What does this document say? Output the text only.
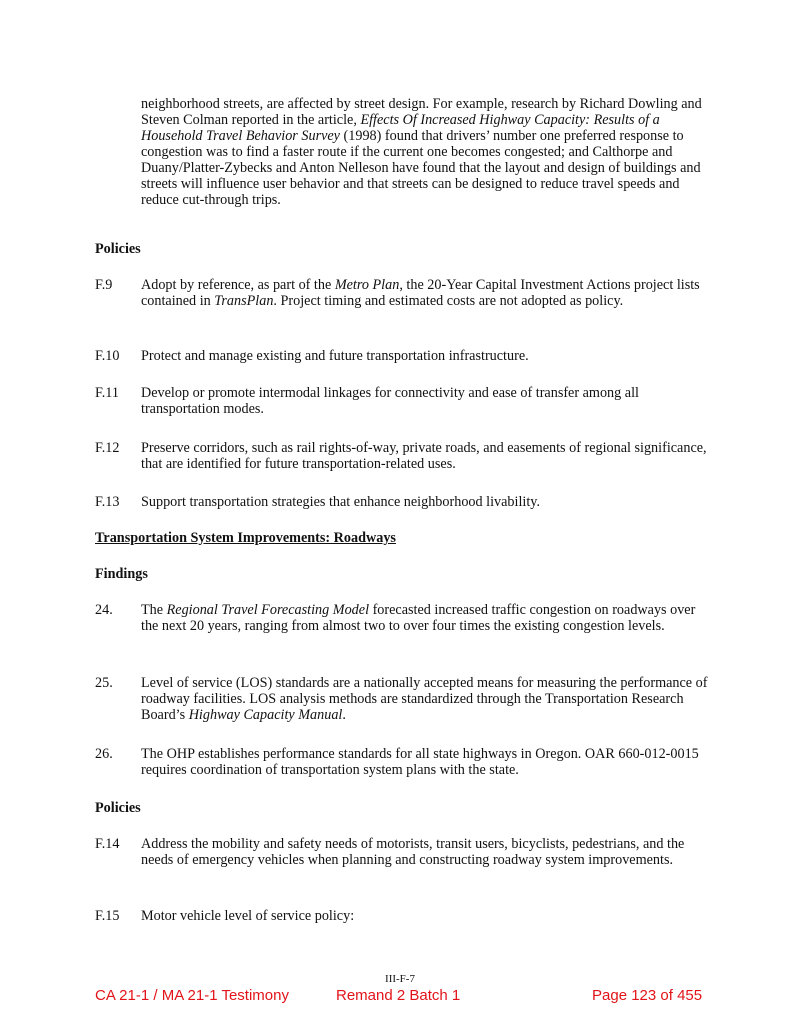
neighborhood streets, are affected by street design. For example, research by Richard Dowling and Steven Colman reported in the article, Effects Of Increased Highway Capacity: Results of a Household Travel Behavior Survey (1998) found that drivers’ number one preferred response to congestion was to find a faster route if the current one becomes congested; and Calthorpe and Duany/Platter-Zybecks and Anton Nelleson have found that the layout and design of buildings and streets will influence user behavior and that streets can be designed to reduce travel speeds and reduce cut-through trips.
Policies
F.9	Adopt by reference, as part of the Metro Plan, the 20-Year Capital Investment Actions project lists contained in TransPlan. Project timing and estimated costs are not adopted as policy.
F.10	Protect and manage existing and future transportation infrastructure.
F.11	Develop or promote intermodal linkages for connectivity and ease of transfer among all transportation modes.
F.12	Preserve corridors, such as rail rights-of-way, private roads, and easements of regional significance, that are identified for future transportation-related uses.
F.13	Support transportation strategies that enhance neighborhood livability.
Transportation System Improvements: Roadways
Findings
24.	The Regional Travel Forecasting Model forecasted increased traffic congestion on roadways over the next 20 years, ranging from almost two to over four times the existing congestion levels.
25.	Level of service (LOS) standards are a nationally accepted means for measuring the performance of roadway facilities. LOS analysis methods are standardized through the Transportation Research Board’s Highway Capacity Manual.
26.	The OHP establishes performance standards for all state highways in Oregon. OAR 660-012-0015 requires coordination of transportation system plans with the state.
Policies
F.14	Address the mobility and safety needs of motorists, transit users, bicyclists, pedestrians, and the needs of emergency vehicles when planning and constructing roadway system improvements.
F.15	Motor vehicle level of service policy:
III-F-7
CA 21-1 / MA 21-1 Testimony	Remand 2 Batch 1	Page 123 of 455
